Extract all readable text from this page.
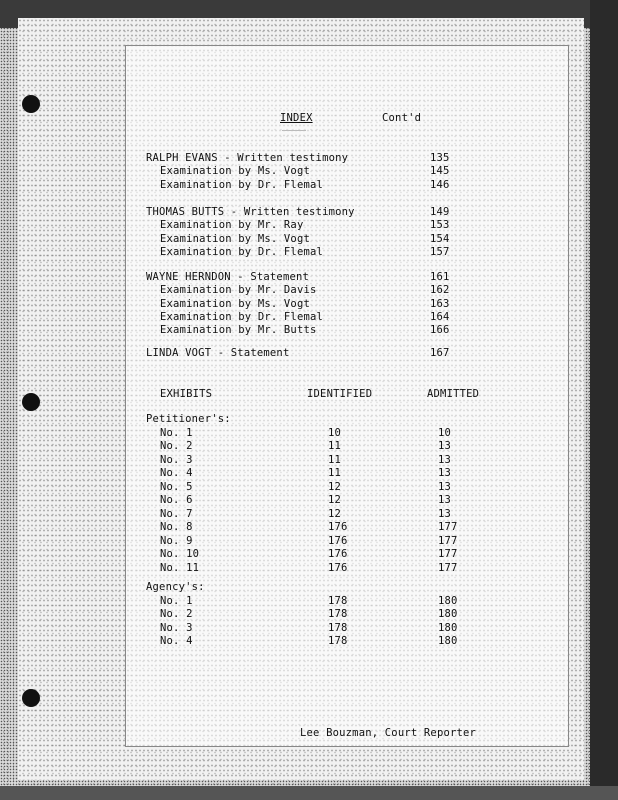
INDEX	Cont'd
RALPH EVANS - Written testimony	135
Examination by Ms. Vogt	145
Examination by Dr. Flemal	146
THOMAS BUTTS - Written testimony	149
Examination by Mr. Ray	153
Examination by Ms. Vogt	154
Examination by Dr. Flemal	157
WAYNE HERNDON - Statement	161
Examination by Mr. Davis	162
Examination by Ms. Vogt	163
Examination by Dr. Flemal	164
Examination by Mr. Butts	166
LINDA VOGT - Statement	167
EXHIBITS	IDENTIFIED	ADMITTED
Petitioner's:
No. 1	10	10
No. 2	11	13
No. 3	11	13
No. 4	11	13
No. 5	12	13
No. 6	12	13
No. 7	12	13
No. 8	176	177
No. 9	176	177
No. 10	176	177
No. 11	176	177
Agency's:
No. 1	178	180
No. 2	178	180
No. 3	178	180
No. 4	178	180
Lee Bouzman, Court Reporter
